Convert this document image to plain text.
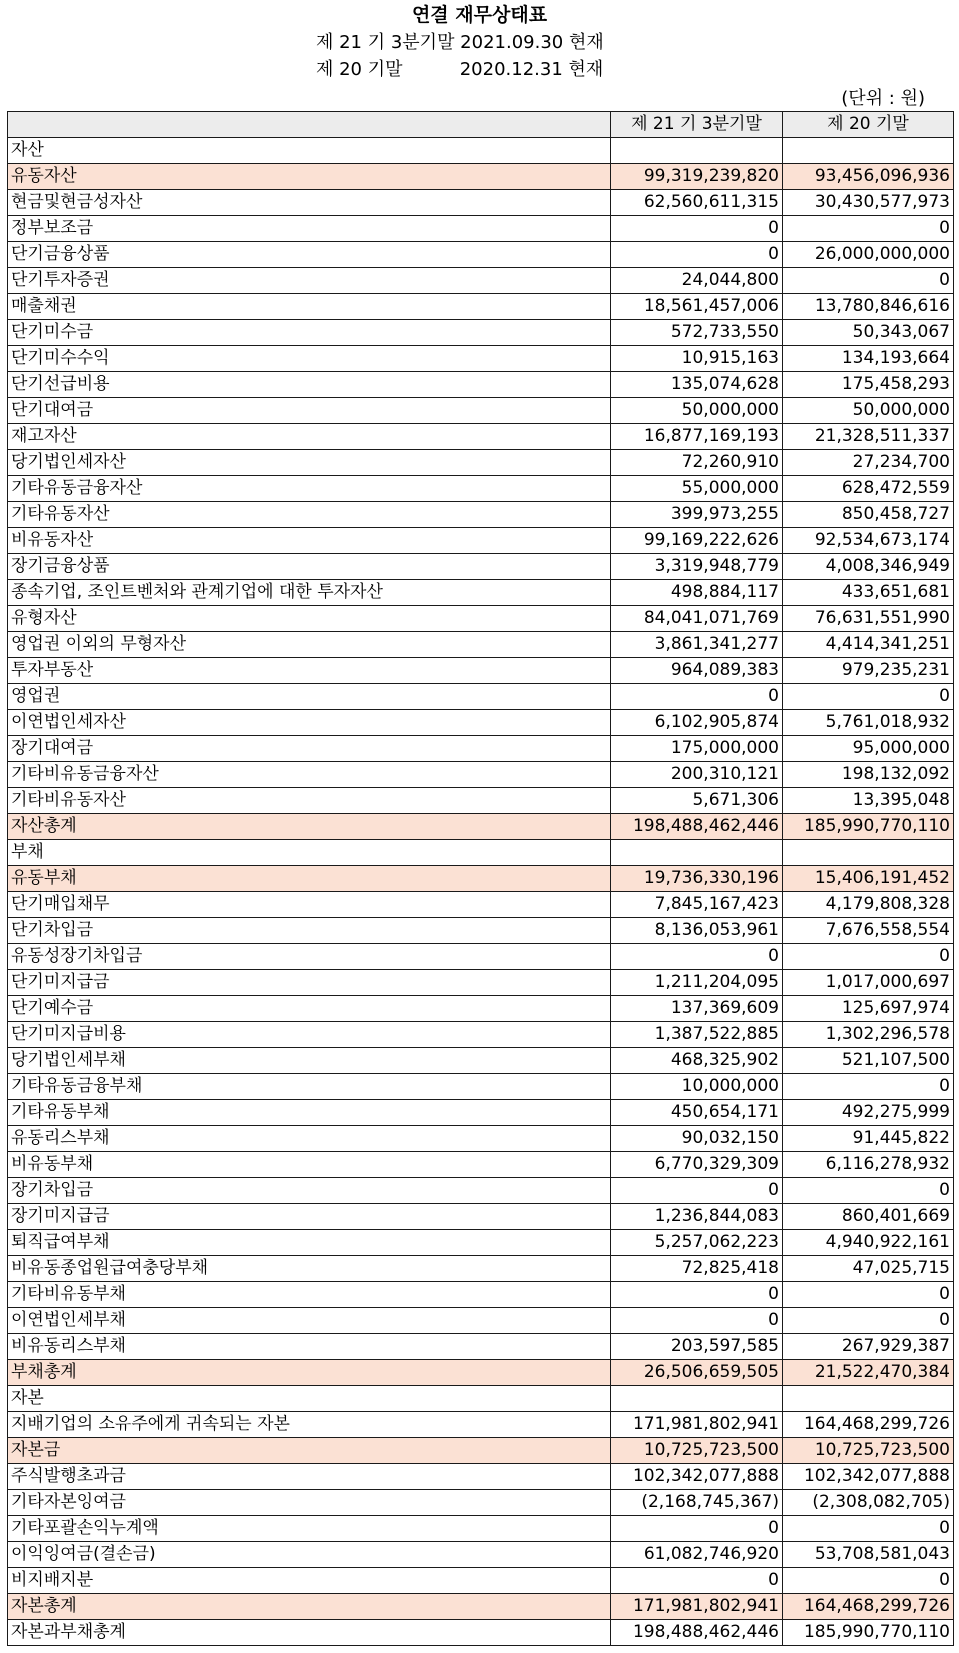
연결 재무상태표
제 21 기 3분기말 2021.09.30 현재
제 20 기말          2020.12.31 현재
(단위 : 원)
	제 21 기 3분기말	제 20 기말
자산		
유동자산	99,319,239,820	93,456,096,936
현금및현금성자산	62,560,611,315	30,430,577,973
정부보조금	0	0
단기금융상품	0	26,000,000,000
단기투자증권	24,044,800	0
매출채권	18,561,457,006	13,780,846,616
단기미수금	572,733,550	50,343,067
단기미수수익	10,915,163	134,193,664
단기선급비용	135,074,628	175,458,293
단기대여금	50,000,000	50,000,000
재고자산	16,877,169,193	21,328,511,337
당기법인세자산	72,260,910	27,234,700
기타유동금융자산	55,000,000	628,472,559
기타유동자산	399,973,255	850,458,727
비유동자산	99,169,222,626	92,534,673,174
장기금융상품	3,319,948,779	4,008,346,949
종속기업, 조인트벤처와 관계기업에 대한 투자자산	498,884,117	433,651,681
유형자산	84,041,071,769	76,631,551,990
영업권 이외의 무형자산	3,861,341,277	4,414,341,251
투자부동산	964,089,383	979,235,231
영업권	0	0
이연법인세자산	6,102,905,874	5,761,018,932
장기대여금	175,000,000	95,000,000
기타비유동금융자산	200,310,121	198,132,092
기타비유동자산	5,671,306	13,395,048
자산총계	198,488,462,446	185,990,770,110
부채		
유동부채	19,736,330,196	15,406,191,452
단기매입채무	7,845,167,423	4,179,808,328
단기차입금	8,136,053,961	7,676,558,554
유동성장기차입금	0	0
단기미지급금	1,211,204,095	1,017,000,697
단기예수금	137,369,609	125,697,974
단기미지급비용	1,387,522,885	1,302,296,578
당기법인세부채	468,325,902	521,107,500
기타유동금융부채	10,000,000	0
기타유동부채	450,654,171	492,275,999
유동리스부채	90,032,150	91,445,822
비유동부채	6,770,329,309	6,116,278,932
장기차입금	0	0
장기미지급금	1,236,844,083	860,401,669
퇴직급여부채	5,257,062,223	4,940,922,161
비유동종업원급여충당부채	72,825,418	47,025,715
기타비유동부채	0	0
이연법인세부채	0	0
비유동리스부채	203,597,585	267,929,387
부채총계	26,506,659,505	21,522,470,384
자본		
지배기업의 소유주에게 귀속되는 자본	171,981,802,941	164,468,299,726
자본금	10,725,723,500	10,725,723,500
주식발행초과금	102,342,077,888	102,342,077,888
기타자본잉여금	(2,168,745,367)	(2,308,082,705)
기타포괄손익누계액	0	0
이익잉여금(결손금)	61,082,746,920	53,708,581,043
비지배지분	0	0
자본총계	171,981,802,941	164,468,299,726
자본과부채총계	198,488,462,446	185,990,770,110
